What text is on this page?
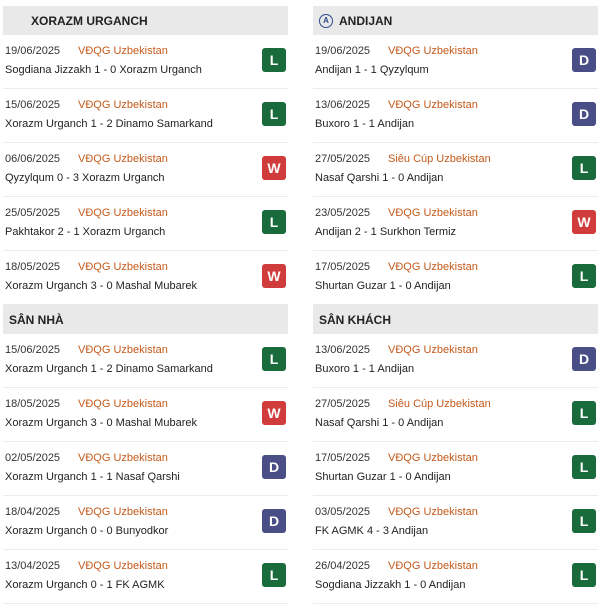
XORAZM URGANCH
19/06/2025 VĐQG Uzbekistan
Sogdiana Jizzakh 1 - 0 Xorazm Urganch
L
15/06/2025 VĐQG Uzbekistan
Xorazm Urganch 1 - 2 Dinamo Samarkand
L
06/06/2025 VĐQG Uzbekistan
Qyzylqum 0 - 3 Xorazm Urganch
W
25/05/2025 VĐQG Uzbekistan
Pakhtakor 2 - 1 Xorazm Urganch
L
18/05/2025 VĐQG Uzbekistan
Xorazm Urganch 3 - 0 Mashal Mubarek
W
SÂN NHÀ
15/06/2025 VĐQG Uzbekistan
Xorazm Urganch 1 - 2 Dinamo Samarkand
L
18/05/2025 VĐQG Uzbekistan
Xorazm Urganch 3 - 0 Mashal Mubarek
W
02/05/2025 VĐQG Uzbekistan
Xorazm Urganch 1 - 1 Nasaf Qarshi
D
18/04/2025 VĐQG Uzbekistan
Xorazm Urganch 0 - 0 Bunyodkor
D
13/04/2025 VĐQG Uzbekistan
Xorazm Urganch 0 - 1 FK AGMK
L
A ANDIJAN
19/06/2025 VĐQG Uzbekistan
Andijan 1 - 1 Qyzylqum
D
13/06/2025 VĐQG Uzbekistan
Buxoro 1 - 1 Andijan
D
27/05/2025 Siêu Cúp Uzbekistan
Nasaf Qarshi 1 - 0 Andijan
L
23/05/2025 VĐQG Uzbekistan
Andijan 2 - 1 Surkhon Termiz
W
17/05/2025 VĐQG Uzbekistan
Shurtan Guzar 1 - 0 Andijan
L
SÂN KHÁCH
13/06/2025 VĐQG Uzbekistan
Buxoro 1 - 1 Andijan
D
27/05/2025 Siêu Cúp Uzbekistan
Nasaf Qarshi 1 - 0 Andijan
L
17/05/2025 VĐQG Uzbekistan
Shurtan Guzar 1 - 0 Andijan
L
03/05/2025 VĐQG Uzbekistan
FK AGMK 4 - 3 Andijan
L
26/04/2025 VĐQG Uzbekistan
Sogdiana Jizzakh 1 - 0 Andijan
L
